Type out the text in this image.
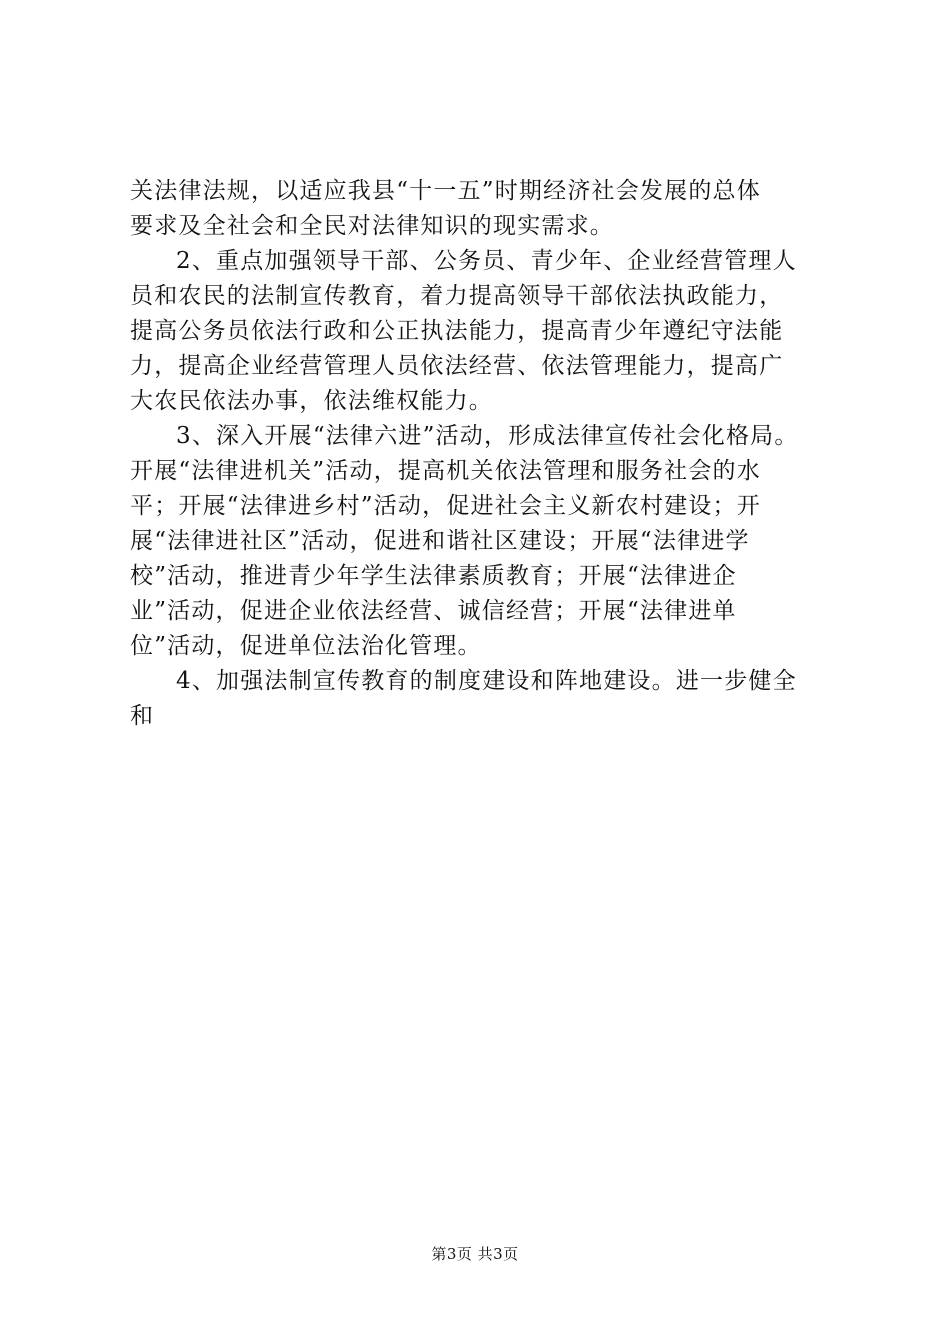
关法律法规，以适应我县“十一五”时期经济社会发展的总体
要求及全社会和全民对法律知识的现实需求。
2、重点加强领导干部、公务员、青少年、企业经营管理人
员和农民的法制宣传教育，着力提高领导干部依法执政能力，
提高公务员依法行政和公正执法能力，提高青少年遵纪守法能
力，提高企业经营管理人员依法经营、依法管理能力，提高广
大农民依法办事，依法维权能力。
3、深入开展“法律六进”活动，形成法律宣传社会化格局。
开展“法律进机关”活动，提高机关依法管理和服务社会的水
平；开展“法律进乡村”活动，促进社会主义新农村建设；开
展“法律进社区”活动，促进和谐社区建设；开展“法律进学
校”活动，推进青少年学生法律素质教育；开展“法律进企
业”活动，促进企业依法经营、诚信经营；开展“法律进单
位”活动，促进单位法治化管理。
4、加强法制宣传教育的制度建设和阵地建设。进一步健全
和
第3页 共3页
